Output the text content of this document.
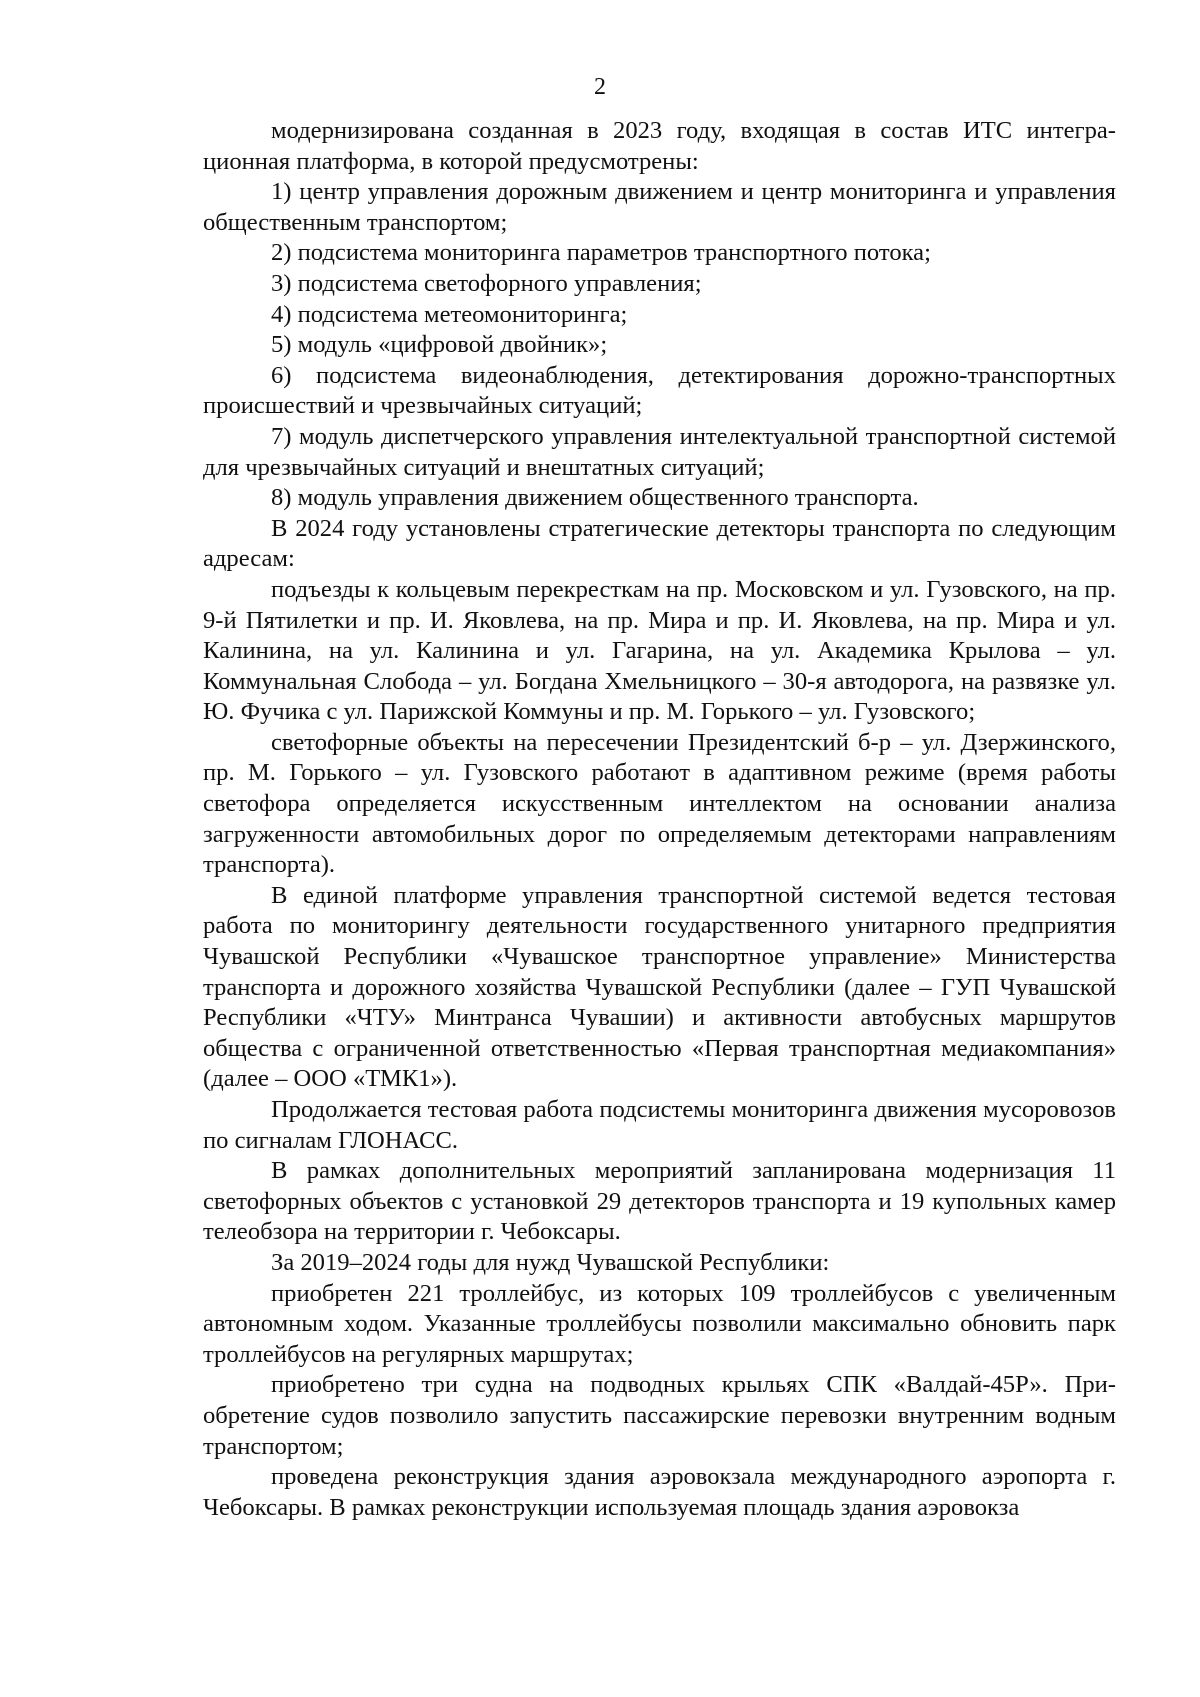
2

модернизирована созданная в 2023 году, входящая в состав ИТС интеграционная платформа, в которой предусмотрены:

1) центр управления дорожным движением и центр мониторинга и управления общественным транспортом;

2) подсистема мониторинга параметров транспортного потока;

3) подсистема светофорного управления;

4) подсистема метеомониторинга;

5) модуль «цифровой двойник»;

6) подсистема видеонаблюдения, детектирования дорожно-транспортных происшествий и чрезвычайных ситуаций;

7) модуль диспетчерского управления интелектуальной транспортной системой для чрезвычайных ситуаций и внештатных ситуаций;

8) модуль управления движением общественного транспорта.

В 2024 году установлены стратегические детекторы транспорта по следующим адресам:

подъезды к кольцевым перекресткам на пр. Московском и ул. Гузовского, на пр. 9-й Пятилетки и пр. И. Яковлева, на пр. Мира и пр. И. Яковлева, на пр. Мира и ул. Калинина, на ул. Калинина и ул. Гагарина, на ул. Академика Крылова – ул. Коммунальная Слобода – ул. Богдана Хмельницкого – 30-я автодорога, на развязке ул. Ю. Фучика с ул. Парижской Коммуны и пр. М. Горького – ул. Гузовского;

светофорные объекты на пересечении Президентский б-р – ул. Дзержинского, пр. М. Горького – ул. Гузовского работают в адаптивном режиме (время работы светофора определяется искусственным интеллектом на основании анализа загруженности автомобильных дорог по определяемым детекторами направлениям транспорта).

В единой платформе управления транспортной системой ведется тестовая работа по мониторингу деятельности государственного унитарного предприятия Чувашской Республики «Чувашское транспортное управление» Министерства транспорта и дорожного хозяйства Чувашской Республики (далее – ГУП Чувашской Республики «ЧТУ» Минтранса Чувашии) и активности автобусных маршрутов общества с ограниченной ответственностью «Первая транспортная медиакомпания» (далее – ООО «ТМК1»).

Продолжается тестовая работа подсистемы мониторинга движения мусоровозов по сигналам ГЛОНАСС.

В рамках дополнительных мероприятий запланирована модернизация 11 светофорных объектов с установкой 29 детекторов транспорта и 19 купольных камер телеобзора на территории г. Чебоксары.

За 2019–2024 годы для нужд Чувашской Республики:

приобретен 221 троллейбус, из которых 109 троллейбусов с увеличенным автономным ходом. Указанные троллейбусы позволили максимально обновить парк троллейбусов на регулярных маршрутах;

приобретено три судна на подводных крыльях СПК «Валдай-45Р». Приобретение судов позволило запустить пассажирские перевозки внутренним водным транспортом;

проведена реконструкция здания аэровокзала международного аэропорта г. Чебоксары. В рамках реконструкции используемая площадь здания аэровокза
